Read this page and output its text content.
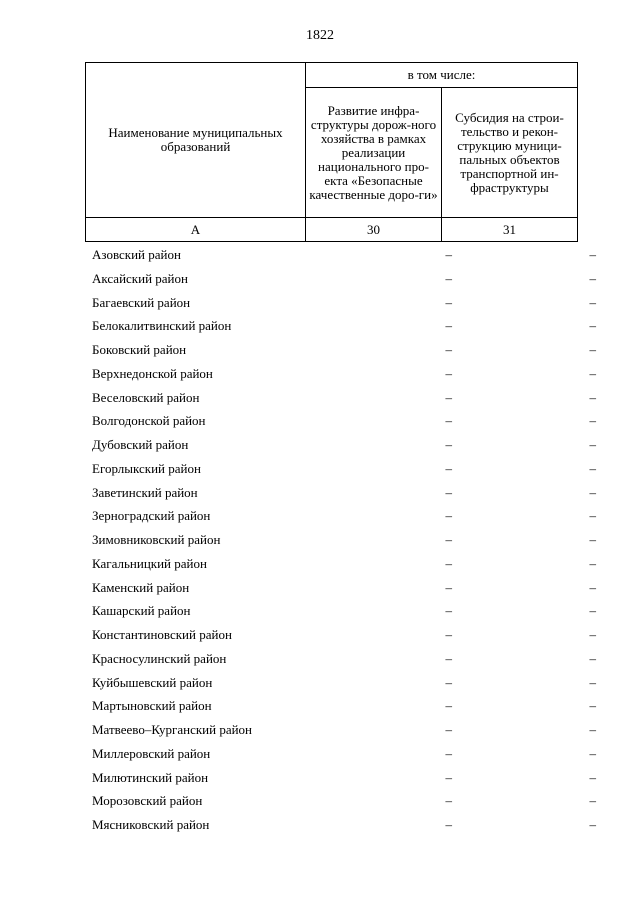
1822
Наименование муниципальных образований	в том числе:	
	Развитие инфра-структуры дорож-ного хозяйства в рамках реализации национального про-екта «Безопасные качественные доро-ги»	Субсидия на строи-тельство и рекон-струкцию муници-пальных объектов транспортной ин-фраструктуры
А	30	31
Азовский район	–	–
Аксайский район	–	–
Багаевский район	–	–
Белокалитвинский район	–	–
Боковский район	–	–
Верхнедонской район	–	–
Веселовский район	–	–
Волгодонской район	–	–
Дубовский район	–	–
Егорлыкский район	–	–
Заветинский район	–	–
Зерноградский район	–	–
Зимовниковский район	–	–
Кагальницкий район	–	–
Каменский район	–	–
Кашарский район	–	–
Константиновский район	–	–
Красносулинский район	–	–
Куйбышевский район	–	–
Мартыновский район	–	–
Матвеево–Курганский район	–	–
Миллеровский район	–	–
Милютинский район	–	–
Морозовский район	–	–
Мясниковский район	–	–
